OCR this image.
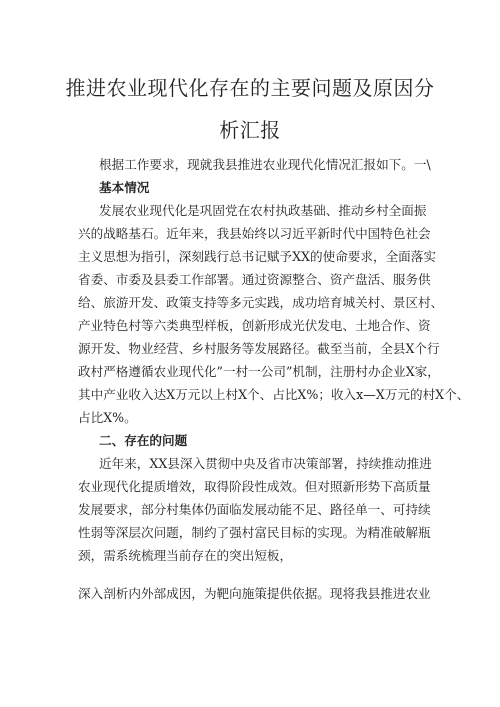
推进农业现代化存在的主要问题及原因分
析汇报
根据工作要求，现就我县推进农业现代化情况汇报如下。一\
基本情况
发展农业现代化是巩固党在农村执政基础、推动乡村全面振
兴的战略基石。近年来，我县始终以习近平新时代中国特色社会
主义思想为指引，深刻践行总书记赋予XX的使命要求，全面落实
省委、市委及县委工作部署。通过资源整合、资产盘活、服务供
给、旅游开发、政策支持等多元实践，成功培育城关村、景区村、
产业特色村等六类典型样板，创新形成光伏发电、土地合作、资
源开发、物业经营、乡村服务等发展路径。截至当前，全县X个行
政村严格遵循农业现代化”一村一公司”机制，注册村办企业X家，
其中产业收入达X万元以上村X个、占比X%；收入x—X万元的村X个、
占比X%。
二、存在的问题
近年来，XX县深入贯彻中央及省市决策部署，持续推动推进
农业现代化提质增效，取得阶段性成效。但对照新形势下高质量
发展要求，部分村集体仍面临发展动能不足、路径单一、可持续
性弱等深层次问题，制约了强村富民目标的实现。为精准破解瓶
颈，需系统梳理当前存在的突出短板，
深入剖析内外部成因，为靶向施策提供依据。现将我县推进农业
